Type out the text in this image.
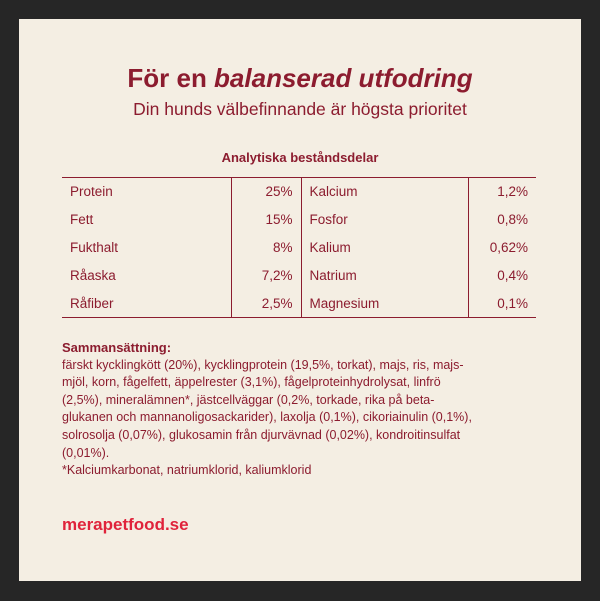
För en balanserad utfodring
Din hunds välbefinnande är högsta prioritet
Analytiska beståndsdelar
Protein	25%	Kalcium	1,2%
Fett	15%	Fosfor	0,8%
Fukthalt	8%	Kalium	0,62%
Råaska	7,2%	Natrium	0,4%
Råfiber	2,5%	Magnesium	0,1%
Sammansättning:
färskt kycklingkött (20%), kycklingprotein (19,5%, torkat), majs, ris, majs-
mjöl, korn, fågelfett, äppelrester (3,1%), fågelproteinhydrolysat, linfrö
(2,5%), mineralämnen*, jästcellväggar (0,2%, torkade, rika på beta-
glukanen och mannanoligosackarider), laxolja (0,1%), cikoriainulin (0,1%),
solrosolja (0,07%), glukosamin från djurvävnad (0,02%), kondroitinsulfat
(0,01%).
*Kalciumkarbonat, natriumklorid, kaliumklorid
merapetfood.se
